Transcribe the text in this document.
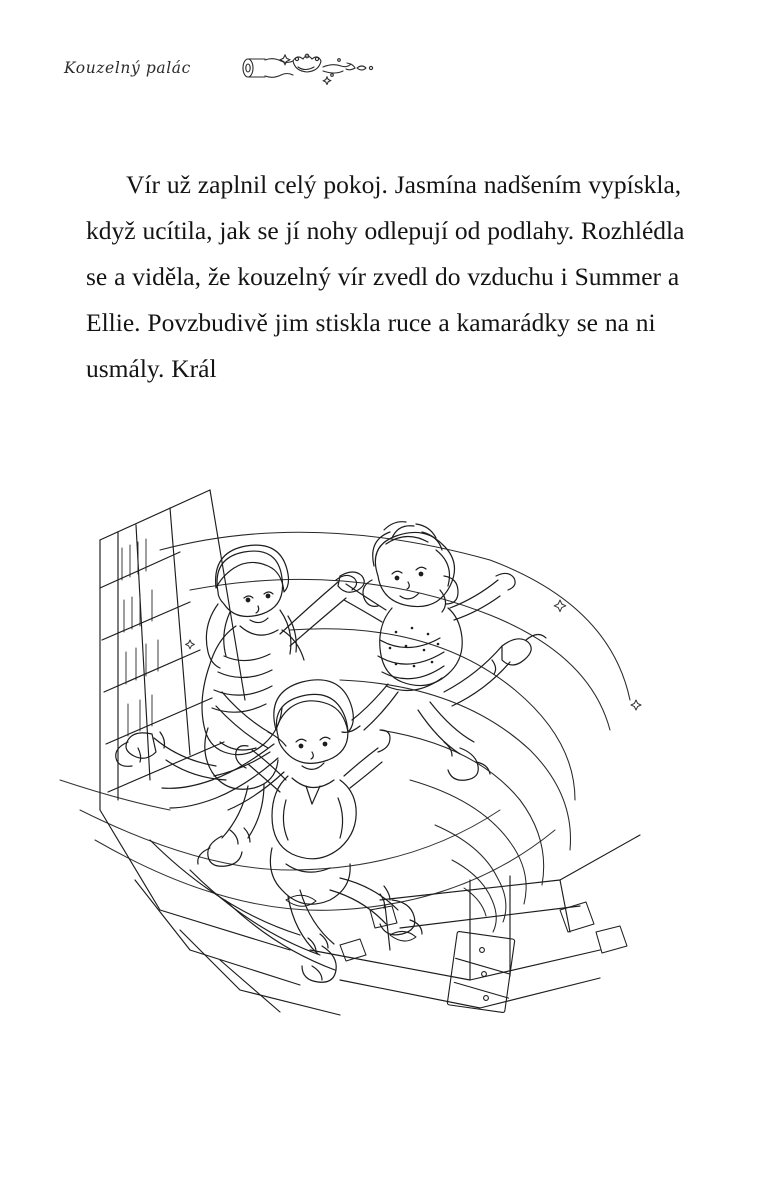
Kouzelný palác

Vír už zaplnil celý pokoj. Jasmína nadšením vypískla, když ucítila, jak se jí nohy odlepují od podlahy. Rozhlédla se a viděla, že kouzelný vír zvedl do vzduchu i Summer a Ellie. Povzbudivě jim stiskla ruce a kamarádky se na ni usmály. Král
